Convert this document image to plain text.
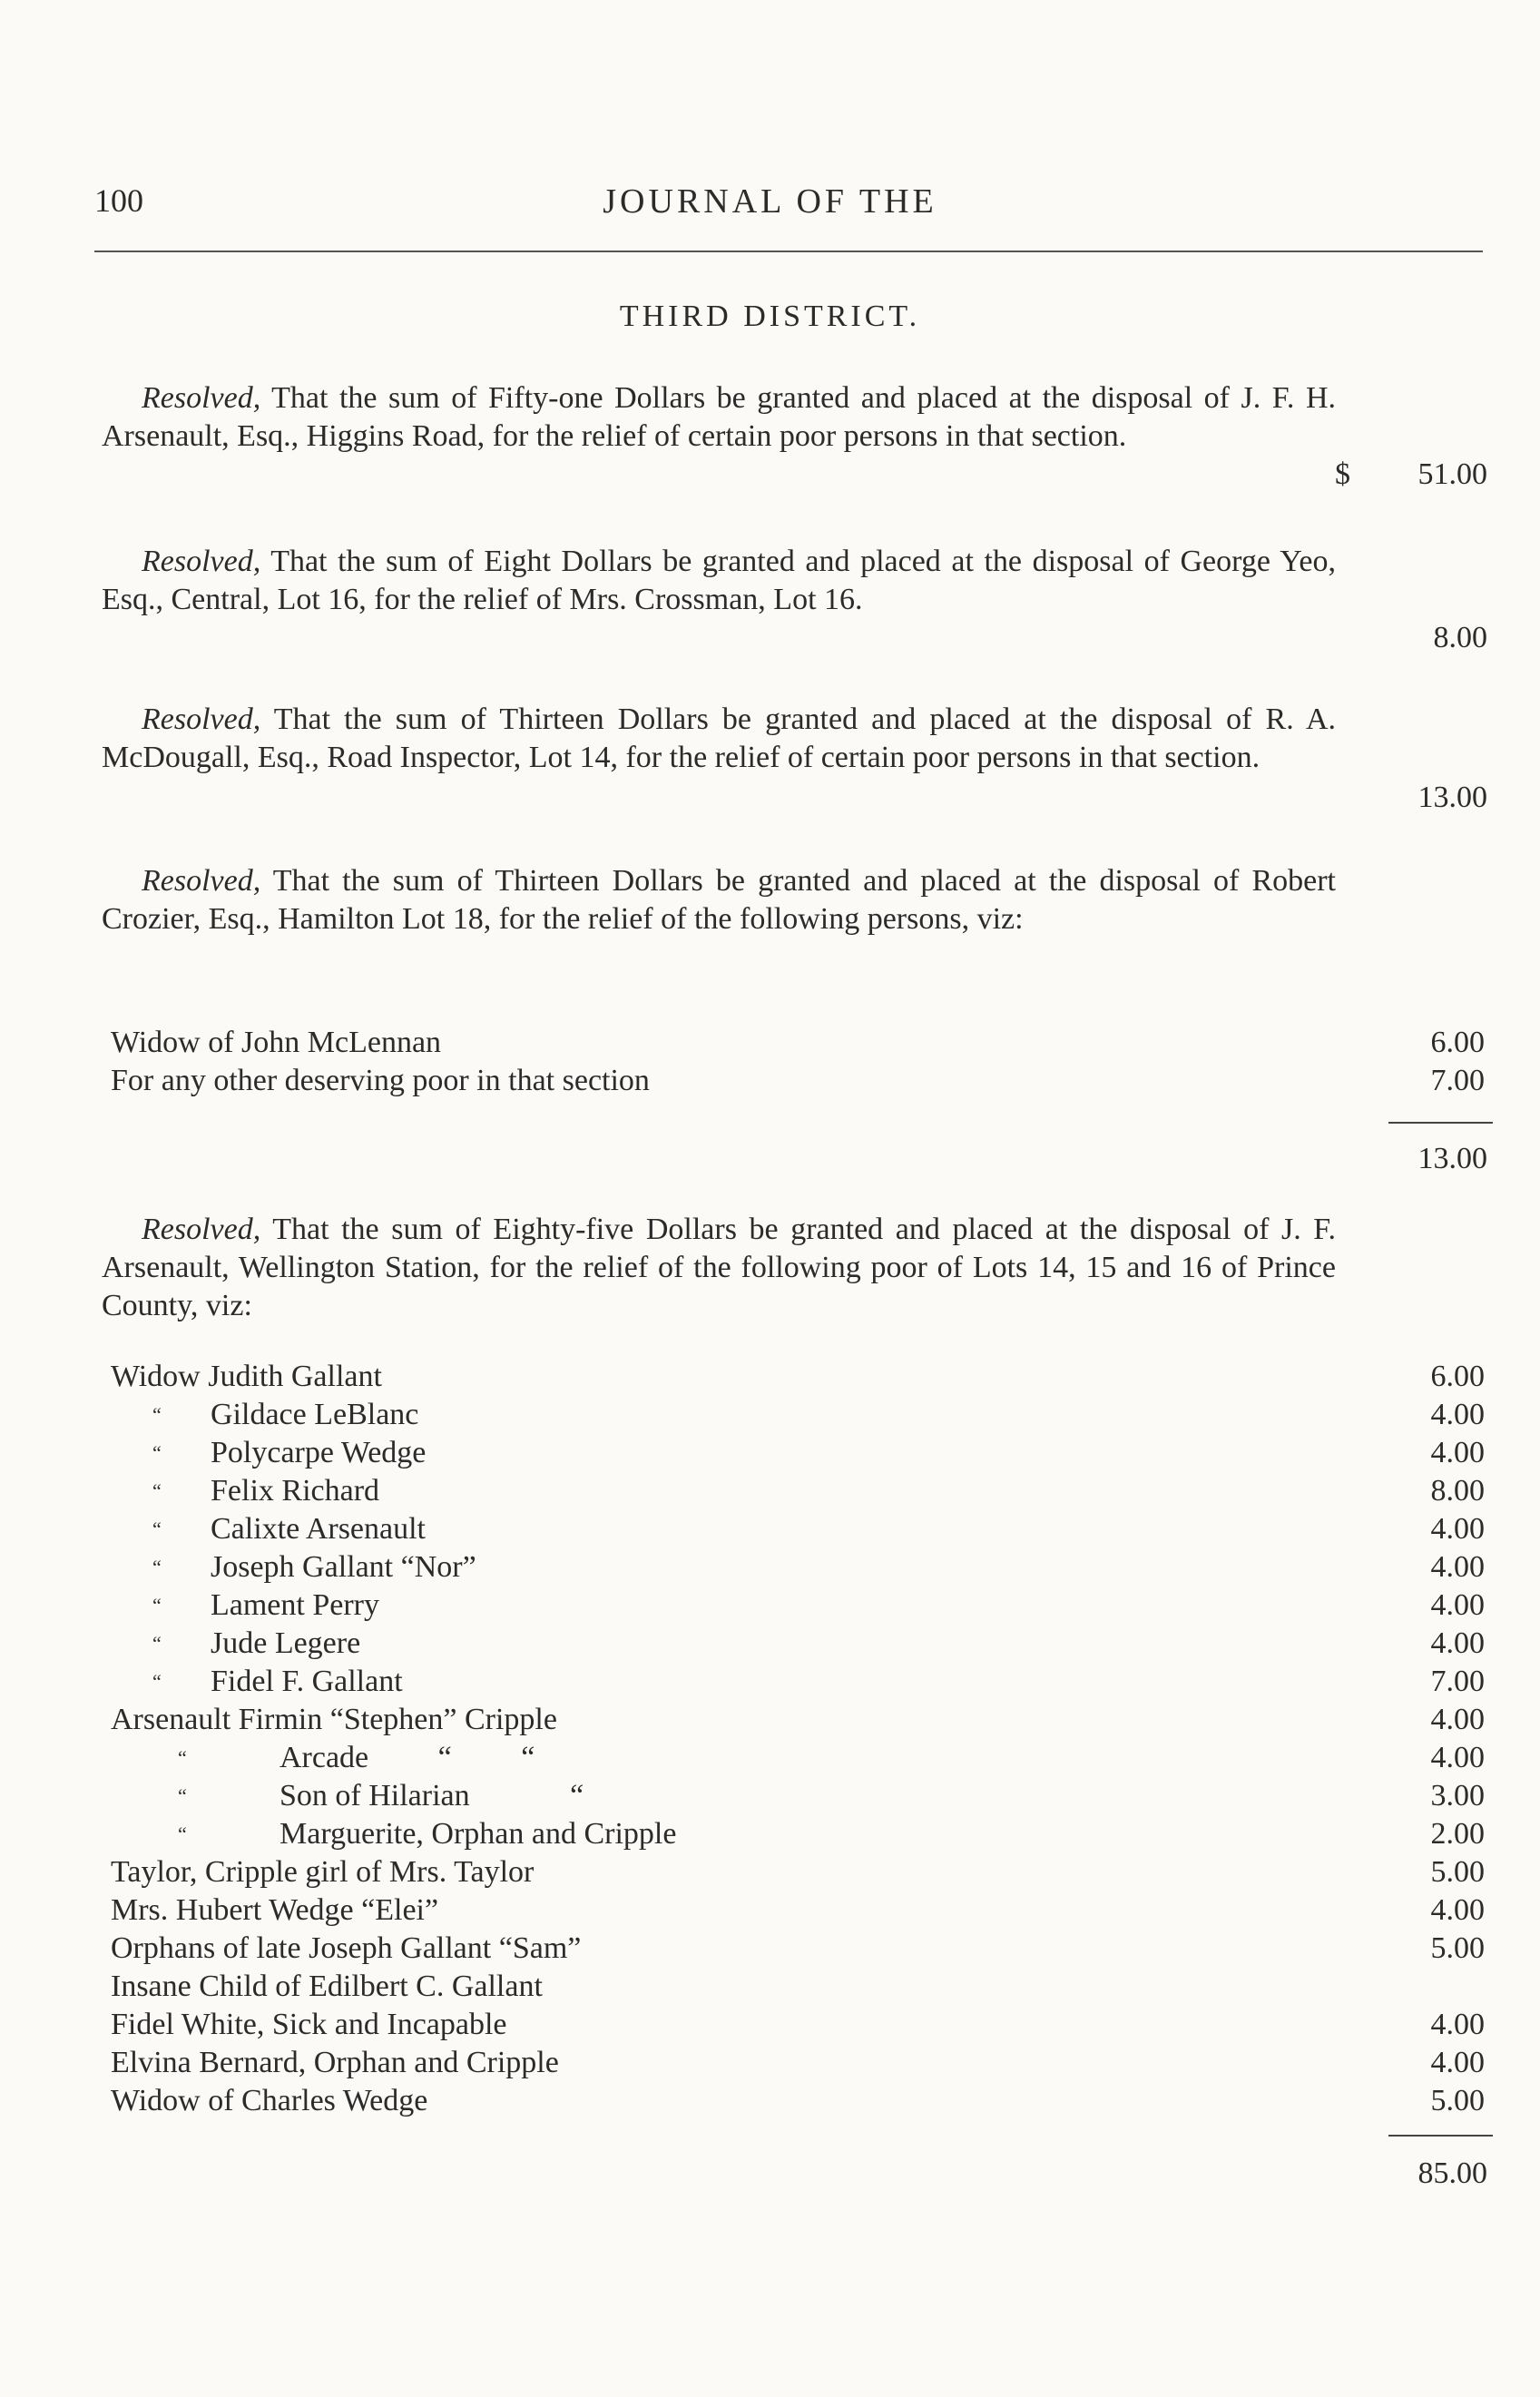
100	JOURNAL OF THE
THIRD DISTRICT.

Resolved, That the sum of Fifty-one Dollars be granted and placed at the disposal of J. F. H. Arsenault, Esq., Higgins Road, for the relief of certain poor persons in that section.

$	51.00

Resolved, That the sum of Eight Dollars be granted and placed at the disposal of George Yeo, Esq., Central, Lot 16, for the relief of Mrs. Crossman, Lot 16.

8.00

Resolved, That the sum of Thirteen Dollars be granted and placed at the disposal of R. A. McDougall, Esq., Road Inspector, Lot 14, for the relief of certain poor persons in that section.

13.00

Resolved, That the sum of Thirteen Dollars be granted and placed at the disposal of Robert Crozier, Esq., Hamilton Lot 18, for the relief of the following persons, viz:

Widow of John McLennan	6.00
For any other deserving poor in that section	7.00
13.00

Resolved, That the sum of Eighty-five Dollars be granted and placed at the disposal of J. F. Arsenault, Wellington Station, for the relief of the following poor of Lots 14, 15 and 16 of Prince County, viz:

Widow Judith Gallant	6.00
“ Gildace LeBlanc	4.00
“ Polycarpe Wedge	4.00
“ Felix Richard	8.00
“ Calixte Arsenault	4.00
“ Joseph Gallant “Nor”	4.00
“ Lament Perry	4.00
“ Jude Legere	4.00
“ Fidel F. Gallant	7.00
Arsenault Firmin “Stephen” Cripple	4.00
“	Arcade         “         “	4.00
“	Son of Hilarian             “	3.00
“	Marguerite, Orphan and Cripple	2.00
Taylor, Cripple girl of Mrs. Taylor	5.00
Mrs. Hubert Wedge “Elei”	4.00
Orphans of late Joseph Gallant “Sam”	5.00
Insane Child of Edilbert C. Gallant
Fidel White, Sick and Incapable	4.00
Elvina Bernard, Orphan and Cripple	4.00
Widow of Charles Wedge	5.00
85.00
